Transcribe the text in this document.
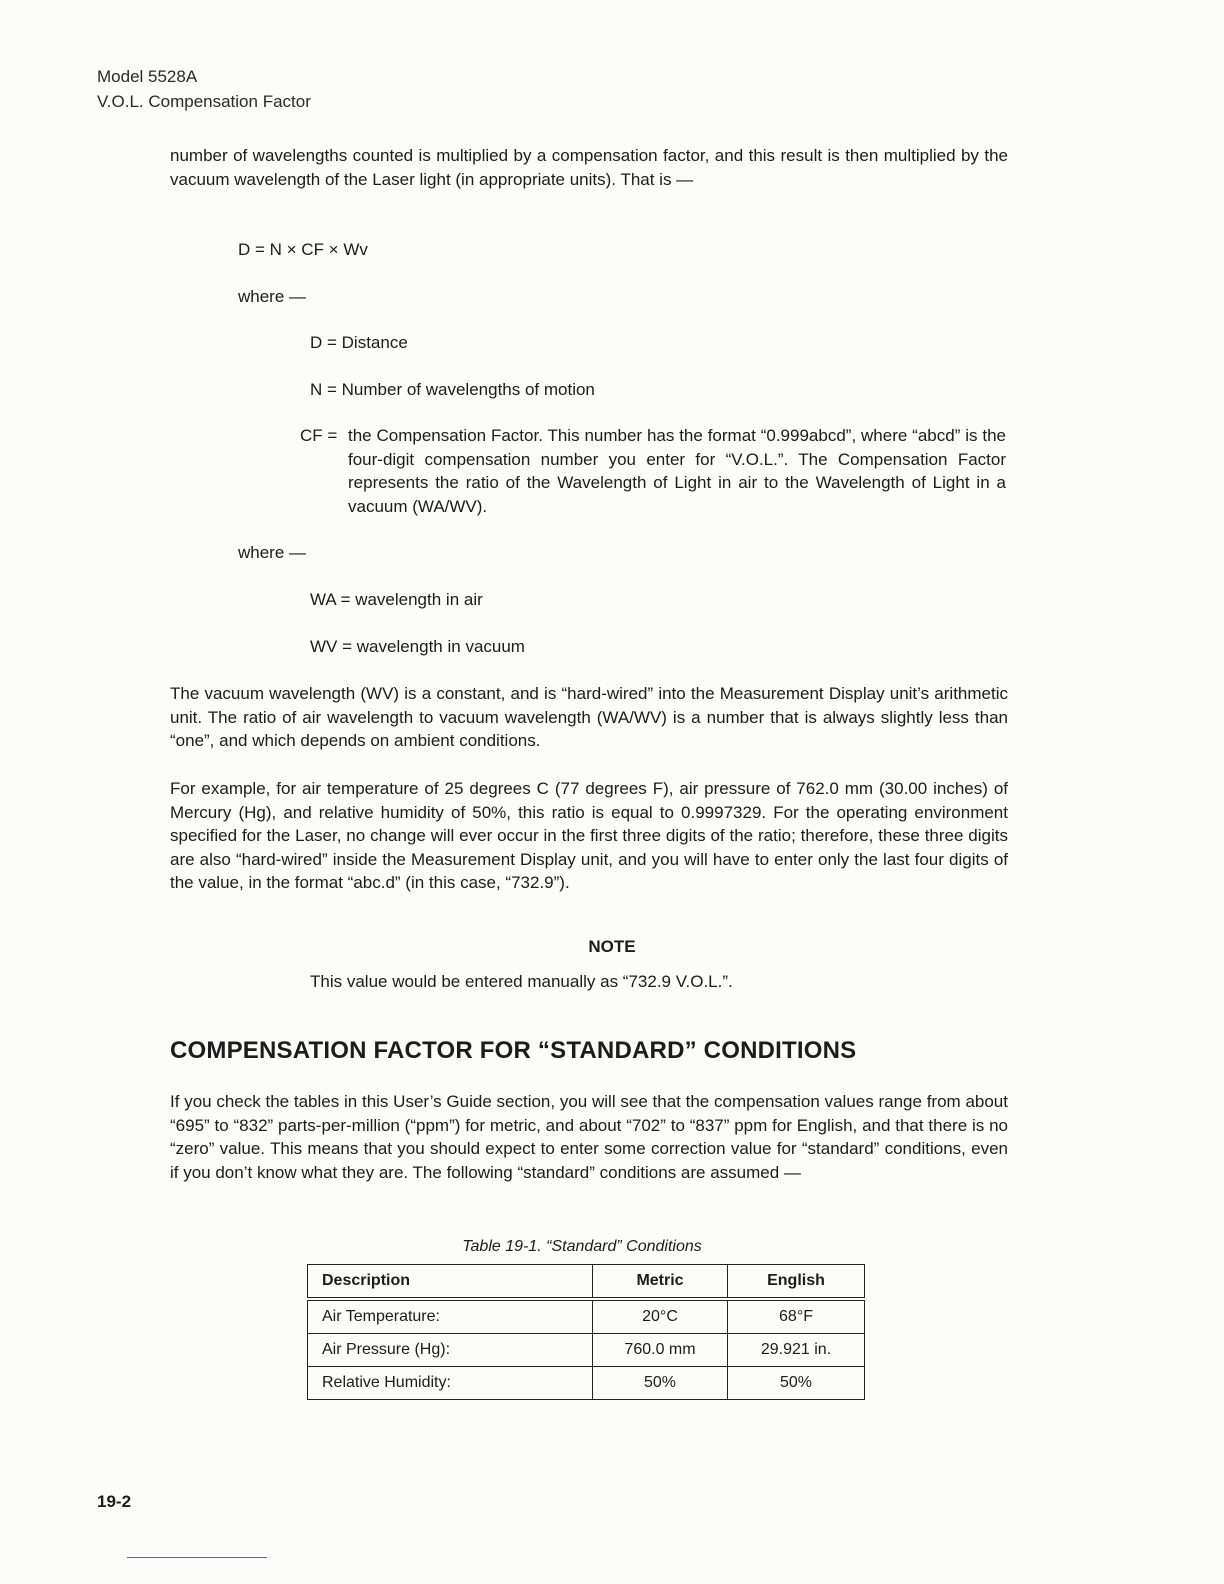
Model 5528A
V.O.L. Compensation Factor
number of wavelengths counted is multiplied by a compensation factor, and this result is then multiplied by the vacuum wavelength of the Laser light (in appropriate units). That is —
D = N × CF × Wv
where —
D = Distance
N = Number of wavelengths of motion
CF = the Compensation Factor. This number has the format “0.999abcd”, where “abcd” is the four-digit compensation number you enter for “V.O.L.”. The Compensation Factor represents the ratio of the Wavelength of Light in air to the Wavelength of Light in a vacuum (WA/WV).
where —
WA = wavelength in air
WV = wavelength in vacuum
The vacuum wavelength (WV) is a constant, and is “hard-wired” into the Measurement Display unit’s arithmetic unit. The ratio of air wavelength to vacuum wavelength (WA/WV) is a number that is always slightly less than “one”, and which depends on ambient conditions.
For example, for air temperature of 25 degrees C (77 degrees F), air pressure of 762.0 mm (30.00 inches) of Mercury (Hg), and relative humidity of 50%, this ratio is equal to 0.9997329. For the operating environment specified for the Laser, no change will ever occur in the first three digits of the ratio; therefore, these three digits are also “hard-wired” inside the Measurement Display unit, and you will have to enter only the last four digits of the value, in the format “abc.d” (in this case, “732.9”).
NOTE
This value would be entered manually as “732.9 V.O.L.”.
COMPENSATION FACTOR FOR “STANDARD” CONDITIONS
If you check the tables in this User’s Guide section, you will see that the compensation values range from about “695” to “832” parts-per-million (“ppm”) for metric, and about “702” to “837” ppm for English, and that there is no “zero” value. This means that you should expect to enter some correction value for “standard” conditions, even if you don’t know what they are. The following “standard” conditions are assumed —
Table 19-1. “Standard” Conditions
Description	Metric	English
Air Temperature:	20°C	68°F
Air Pressure (Hg):	760.0 mm	29.921 in.
Relative Humidity:	50%	50%
19-2
